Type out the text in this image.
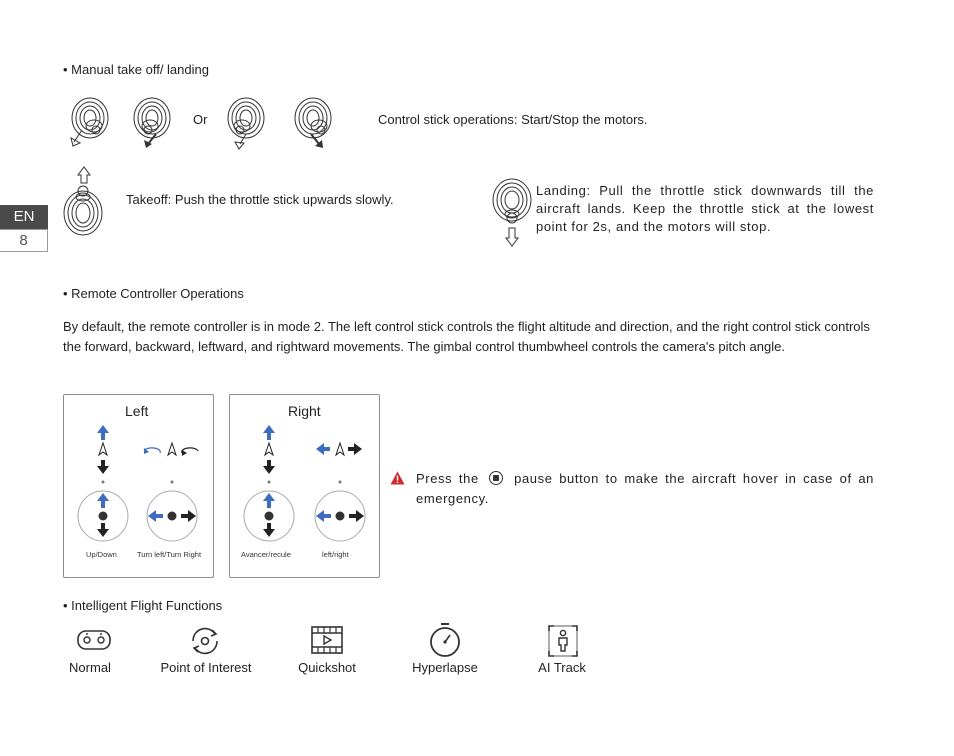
EN
8
• Manual take off/ landing
Or	Control stick operations: Start/Stop the motors.
Takeoff: Push the throttle stick upwards slowly.
Landing: Pull the throttle stick downwards till the aircraft lands. Keep the throttle stick at the lowest point for 2s, and the motors will stop.
• Remote Controller Operations
By default, the remote controller is in mode 2. The left control stick controls the flight altitude and direction, and the right control stick controls the forward, backward, leftward, and rightward movements. The gimbal control thumbwheel controls the camera's pitch angle.
Left
Up/Down	Turn left/Turn Right
Right
Avancer/recule	left/right
Press the	pause button to make the aircraft hover in case of an emergency.
• Intelligent Flight Functions
Normal	Point of Interest	Quickshot	Hyperlapse	AI Track
